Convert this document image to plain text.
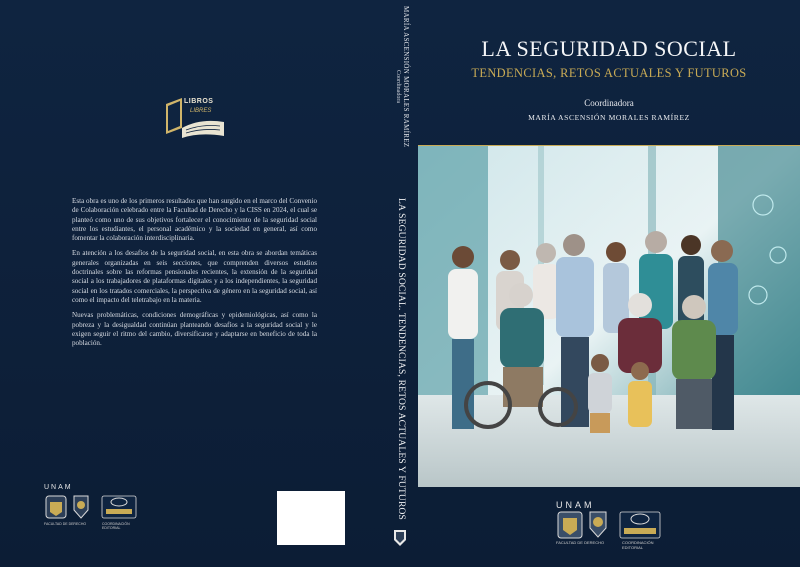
LIBROS
LIBRES

Esta obra es uno de los primeros resultados que han surgido en el marco del Convenio de Colaboración celebrado entre la Facultad de Derecho y la CISS en 2024, el cual se planteó como uno de sus objetivos fortalecer el conocimiento de la seguridad social entre los estudiantes, el personal académico y la sociedad en general, así como fomentar la colaboración interdisciplinaria.

En atención a los desafíos de la seguridad social, en esta obra se abordan temáticas generales organizadas en seis secciones, que comprenden diversos estudios doctrinales sobre las reformas pensionales recientes, la extensión de la seguridad social a los trabajadores de plataformas digitales y a los independientes, la seguridad social en los tratados comerciales, la perspectiva de género en la seguridad social, así como el impacto del teletrabajo en la materia.

Nuevas problemáticas, condiciones demográficas y epidemiológicas, así como la pobreza y la desigualdad continúan planteando desafíos a la seguridad social y le exigen seguir el ritmo del cambio, diversificarse y adaptarse en beneficio de toda la población.

UNAM
FACULTAD DE DERECHO	COORDINACIÓN EDITORIAL
MARÍA ASCENSIÓN MORALES RAMÍREZ
Coordinadora
LA SEGURIDAD SOCIAL. TENDENCIAS, RETOS ACTUALES Y FUTUROS
LA SEGURIDAD SOCIAL
TENDENCIAS, RETOS ACTUALES Y FUTUROS
Coordinadora
MARÍA ASCENSIÓN MORALES RAMÍREZ
UNAM
FACULTAD DE DERECHO	COORDINACIÓN EDITORIAL
